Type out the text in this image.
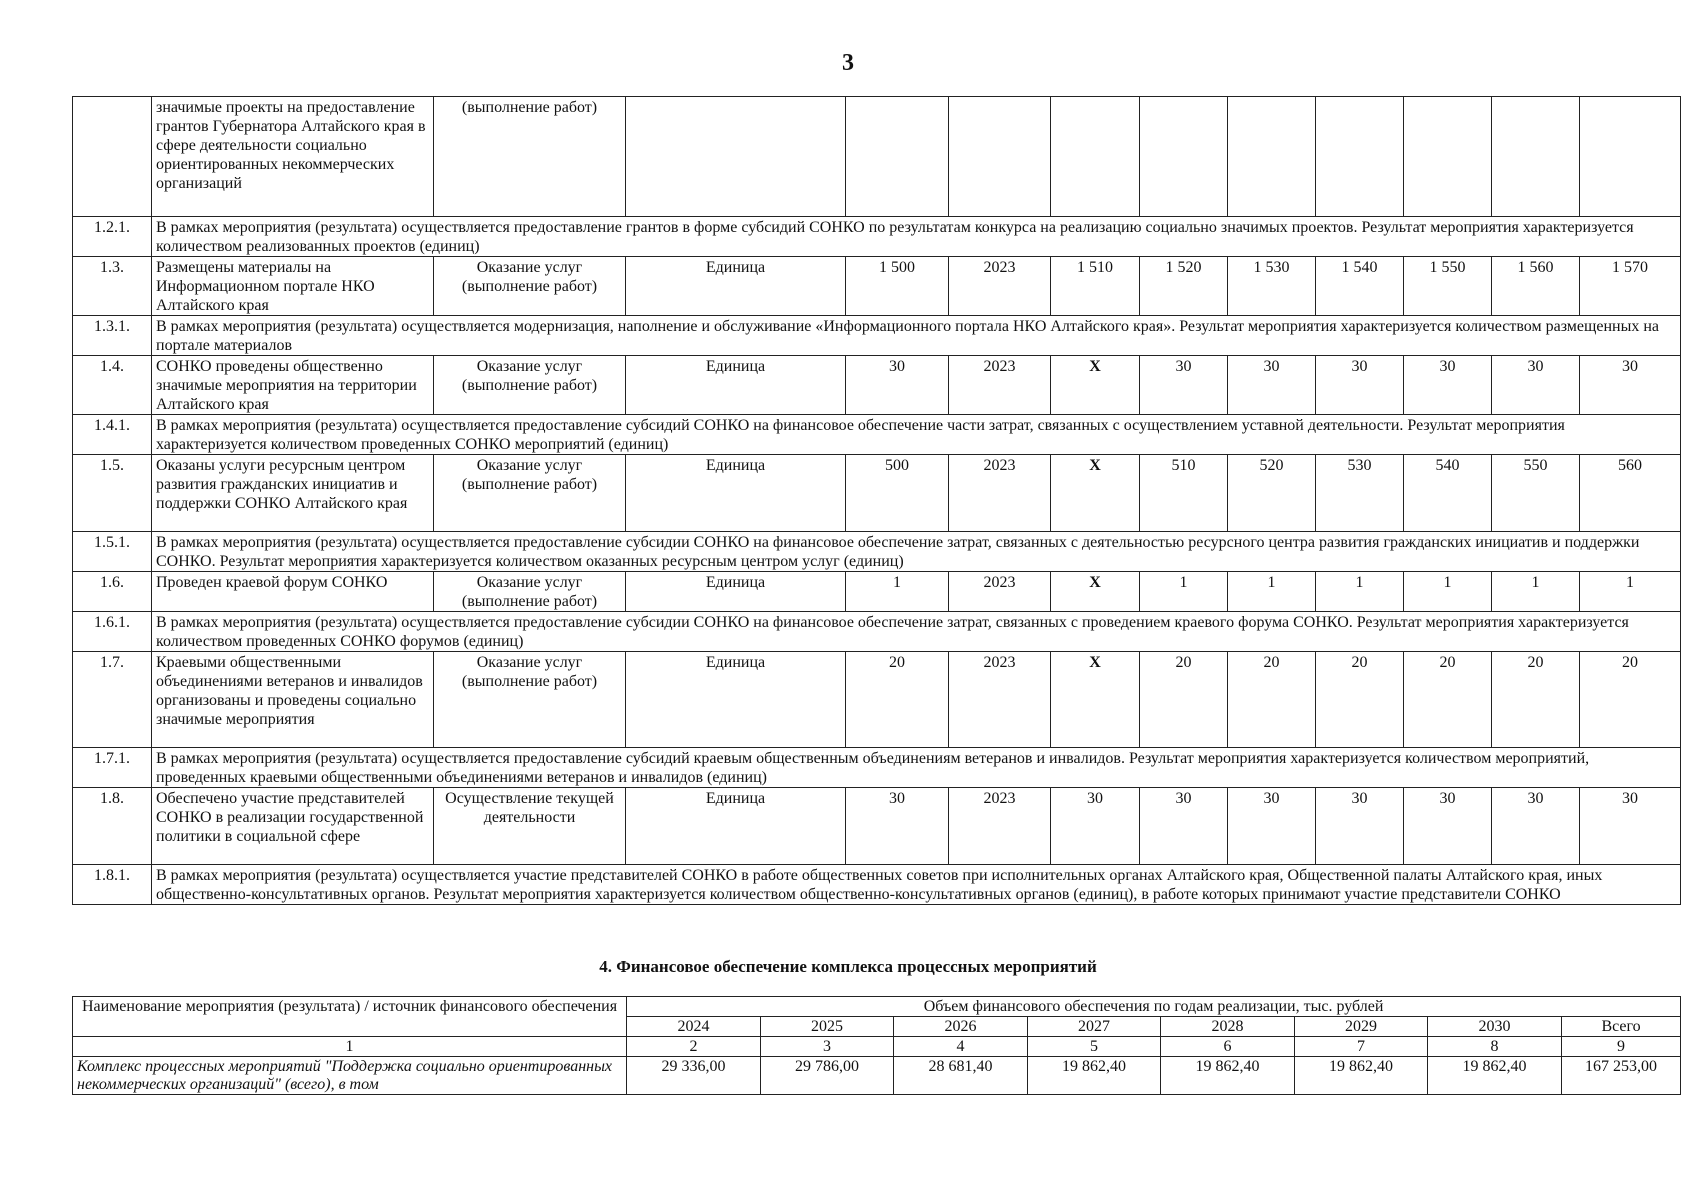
3
	значимые проекты на предоставление грантов Губернатора Алтайского края в сфере деятельности социально ориентированных некоммерческих организаций	(выполнение работ)											
1.2.1.	В рамках мероприятия (результата) осуществляется предоставление грантов в форме субсидий СОНКО по результатам конкурса на реализацию социально значимых проектов. Результат мероприятия характеризуется количеством реализованных проектов (единиц)												
1.3.	Размещены материалы на Информационном портале НКО Алтайского края	Оказание услуг (выполнение работ)	Единица	1 500	2023	1 510	1 520	1 530	1 540	1 550	1 560	1 570	
1.3.1.	В рамках мероприятия (результата) осуществляется модернизация, наполнение и обслуживание «Информационного портала НКО Алтайского края». Результат мероприятия характеризуется количеством размещенных на портале материалов												
1.4.	СОНКО проведены общественно значимые мероприятия на территории Алтайского края	Оказание услуг (выполнение работ)	Единица	30	2023	X	30	30	30	30	30	30	
1.4.1.	В рамках мероприятия (результата) осуществляется предоставление субсидий СОНКО на финансовое обеспечение части затрат, связанных с осуществлением уставной деятельности. Результат мероприятия характеризуется количеством проведенных СОНКО мероприятий (единиц)												
1.5.	Оказаны услуги ресурсным центром развития гражданских инициатив и поддержки СОНКО Алтайского края	Оказание услуг (выполнение работ)	Единица	500	2023	X	510	520	530	540	550	560	
1.5.1.	В рамках мероприятия (результата) осуществляется предоставление субсидии СОНКО на финансовое обеспечение затрат, связанных с деятельностью ресурсного центра развития гражданских инициатив и поддержки СОНКО. Результат мероприятия характеризуется количеством оказанных ресурсным центром услуг (единиц)												
1.6.	Проведен краевой форум СОНКО	Оказание услуг (выполнение работ)	Единица	1	2023	X	1	1	1	1	1	1	
1.6.1.	В рамках мероприятия (результата) осуществляется предоставление субсидии СОНКО на финансовое обеспечение затрат, связанных с проведением краевого форума СОНКО. Результат мероприятия характеризуется количеством проведенных СОНКО форумов (единиц)												
1.7.	Краевыми общественными объединениями ветеранов и инвалидов организованы и проведены социально значимые мероприятия	Оказание услуг (выполнение работ)	Единица	20	2023	X	20	20	20	20	20	20	
1.7.1.	В рамках мероприятия (результата) осуществляется предоставление субсидий краевым общественным объединениям ветеранов и инвалидов. Результат мероприятия характеризуется количеством мероприятий, проведенных краевыми общественными объединениями ветеранов и инвалидов (единиц)												
1.8.	Обеспечено участие представителей СОНКО в реализации государственной политики в социальной сфере	Осуществление текущей деятельности	Единица	30	2023	30	30	30	30	30	30	30	
1.8.1.	В рамках мероприятия (результата) осуществляется участие представителей СОНКО в работе общественных советов при исполнительных органах Алтайского края, Общественной палаты Алтайского края, иных общественно-консультативных органов. Результат мероприятия характеризуется количеством общественно-консультативных органов (единиц), в работе которых принимают участие представители СОНКО												
4. Финансовое обеспечение комплекса процессных мероприятий
Наименование мероприятия (результата) / источник финансового обеспечения	Объем финансового обеспечения по годам реализации, тыс. рублей							
	2024	2025	2026	2027	2028	2029	2030	Всего
1	2	3	4	5	6	7	8	9
Комплекс процессных мероприятий "Поддержка социально ориентированных некоммерческих организаций" (всего), в том	29 336,00	29 786,00	28 681,40	19 862,40	19 862,40	19 862,40	19 862,40	167 253,00
